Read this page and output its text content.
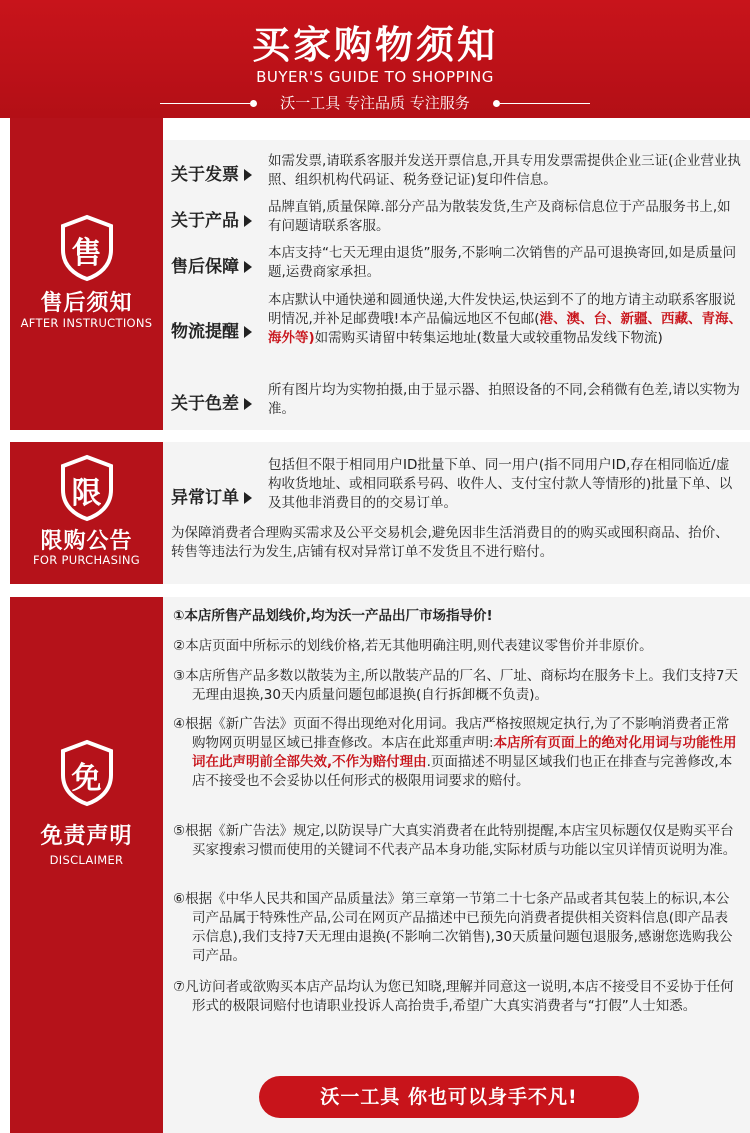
买家购物须知
BUYER'S GUIDE TO SHOPPING
沃一工具 专注品质 专注服务
售
售后须知
AFTER INSTRUCTIONS
关于发票
如需发票,请联系客服并发送开票信息,开具专用发票需提供企业三证(企业营业执照、组织机构代码证、税务登记证)复印件信息。
关于产品
品牌直销,质量保障.部分产品为散装发货,生产及商标信息位于产品服务书上,如有问题请联系客服。
售后保障
本店支持“七天无理由退货”服务,不影响二次销售的产品可退换寄回,如是质量问题,运费商家承担。
物流提醒
本店默认中通快递和圆通快递,大件发快运,快运到不了的地方请主动联系客服说明情况,并补足邮费哦!本产品偏远地区不包邮(港、澳、台、新疆、西藏、青海、海外等)如需购买请留中转集运地址(数量大或较重物品发线下物流)
关于色差
所有图片均为实物拍摄,由于显示器、拍照设备的不同,会稍微有色差,请以实物为准。
限
限购公告
FOR PURCHASING
异常订单
包括但不限于相同用户ID批量下单、同一用户(指不同用户ID,存在相同临近/虚构收货地址、或相同联系号码、收件人、支付宝付款人等情形的)批量下单、以及其他非消费目的的交易订单。
为保障消费者合理购买需求及公平交易机会,避免因非生活消费目的的购买或囤积商品、抬价、转售等违法行为发生,店铺有权对异常订单不发货且不进行赔付。
免
免责声明
DISCLAIMER
①本店所售产品划线价,均为沃一产品出厂市场指导价!
②本店页面中所标示的划线价格,若无其他明确注明,则代表建议零售价并非原价。
③本店所售产品多数以散装为主,所以散装产品的厂名、厂址、商标均在服务卡上。我们支持7天无理由退换,30天内质量问题包邮退换(自行拆卸概不负责)。
④根据《新广告法》页面不得出现绝对化用词。我店严格按照规定执行,为了不影响消费者正常购物网页明显区域已排查修改。本店在此郑重声明:本店所有页面上的绝对化用词与功能性用词在此声明前全部失效,不作为赔付理由.页面描述不明显区域我们也正在排查与完善修改,本店不接受也不会妥协以任何形式的极限用词要求的赔付。
⑤根据《新广告法》规定,以防误导广大真实消费者在此特别提醒,本店宝贝标题仅仅是购买平台买家搜索习惯而使用的关键词不代表产品本身功能,实际材质与功能以宝贝详情页说明为准。
⑥根据《中华人民共和国产品质量法》第三章第一节第二十七条产品或者其包装上的标识,本公司产品属于特殊性产品,公司在网页产品描述中已预先向消费者提供相关资料信息(即产品表示信息),我们支持7天无理由退换(不影响二次销售),30天质量问题包退服务,感谢您选购我公司产品。
⑦凡访问者或欲购买本店产品均认为您已知晓,理解并同意这一说明,本店不接受目不妥协于任何形式的极限词赔付也请职业投诉人高抬贵手,希望广大真实消费者与“打假”人士知悉。
沃一工具 你也可以身手不凡!
